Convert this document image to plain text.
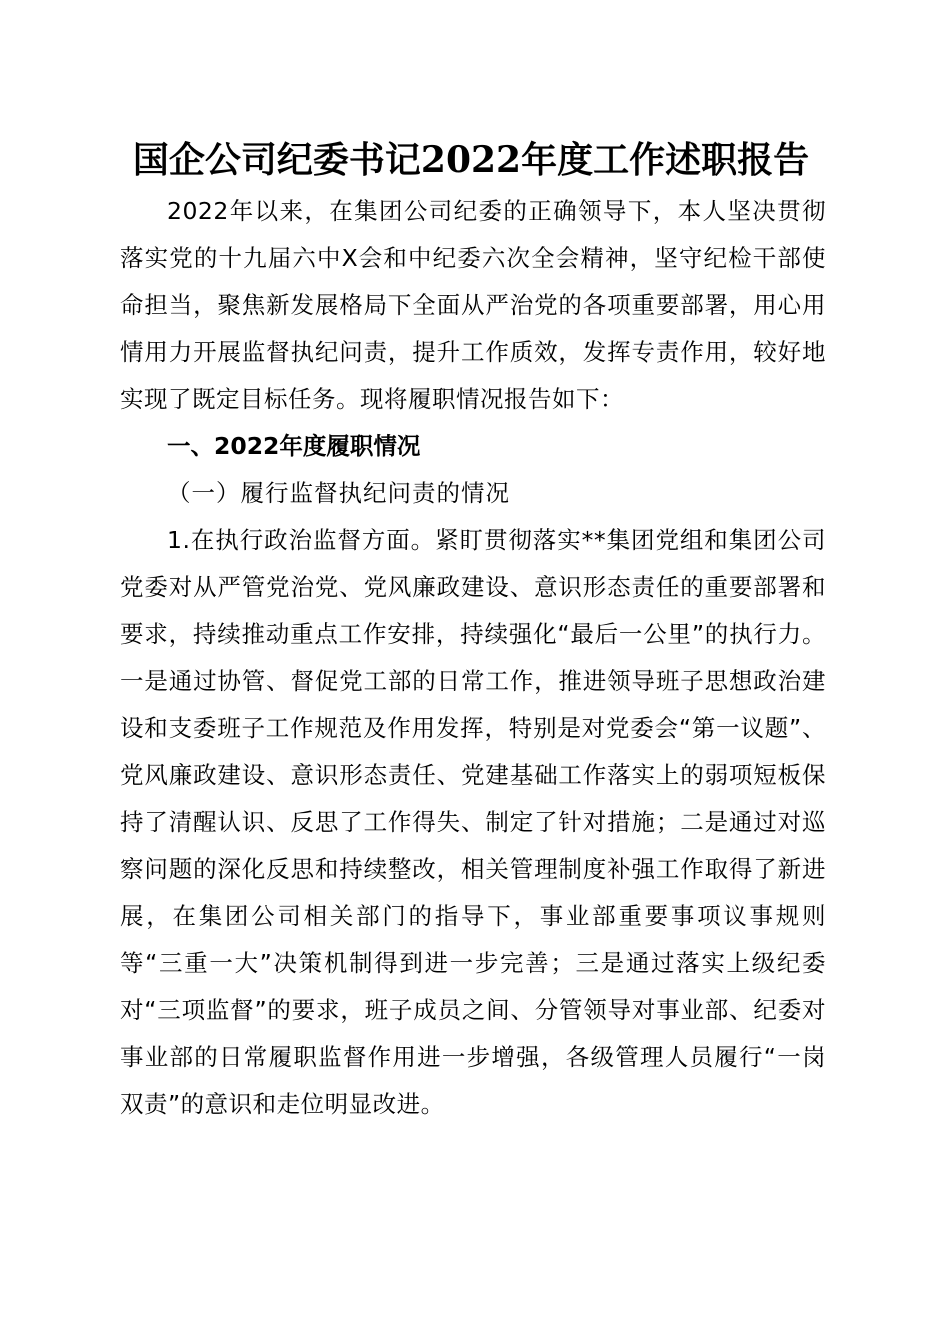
国企公司纪委书记2022年度工作述职报告

2022年以来，在集团公司纪委的正确领导下，本人坚决贯彻落实党的十九届六中X会和中纪委六次全会精神，坚守纪检干部使命担当，聚焦新发展格局下全面从严治党的各项重要部署，用心用情用力开展监督执纪问责，提升工作质效，发挥专责作用，较好地实现了既定目标任务。现将履职情况报告如下：

一、2022年度履职情况

（一）履行监督执纪问责的情况

1.在执行政治监督方面。紧盯贯彻落实**集团党组和集团公司党委对从严管党治党、党风廉政建设、意识形态责任的重要部署和要求，持续推动重点工作安排，持续强化“最后一公里”的执行力。一是通过协管、督促党工部的日常工作，推进领导班子思想政治建设和支委班子工作规范及作用发挥，特别是对党委会“第一议题”、党风廉政建设、意识形态责任、党建基础工作落实上的弱项短板保持了清醒认识、反思了工作得失、制定了针对措施；二是通过对巡察问题的深化反思和持续整改，相关管理制度补强工作取得了新进展，在集团公司相关部门的指导下，事业部重要事项议事规则等“三重一大”决策机制得到进一步完善；三是通过落实上级纪委对“三项监督”的要求，班子成员之间、分管领导对事业部、纪委对事业部的日常履职监督作用进一步增强，各级管理人员履行“一岗双责”的意识和走位明显改进。
